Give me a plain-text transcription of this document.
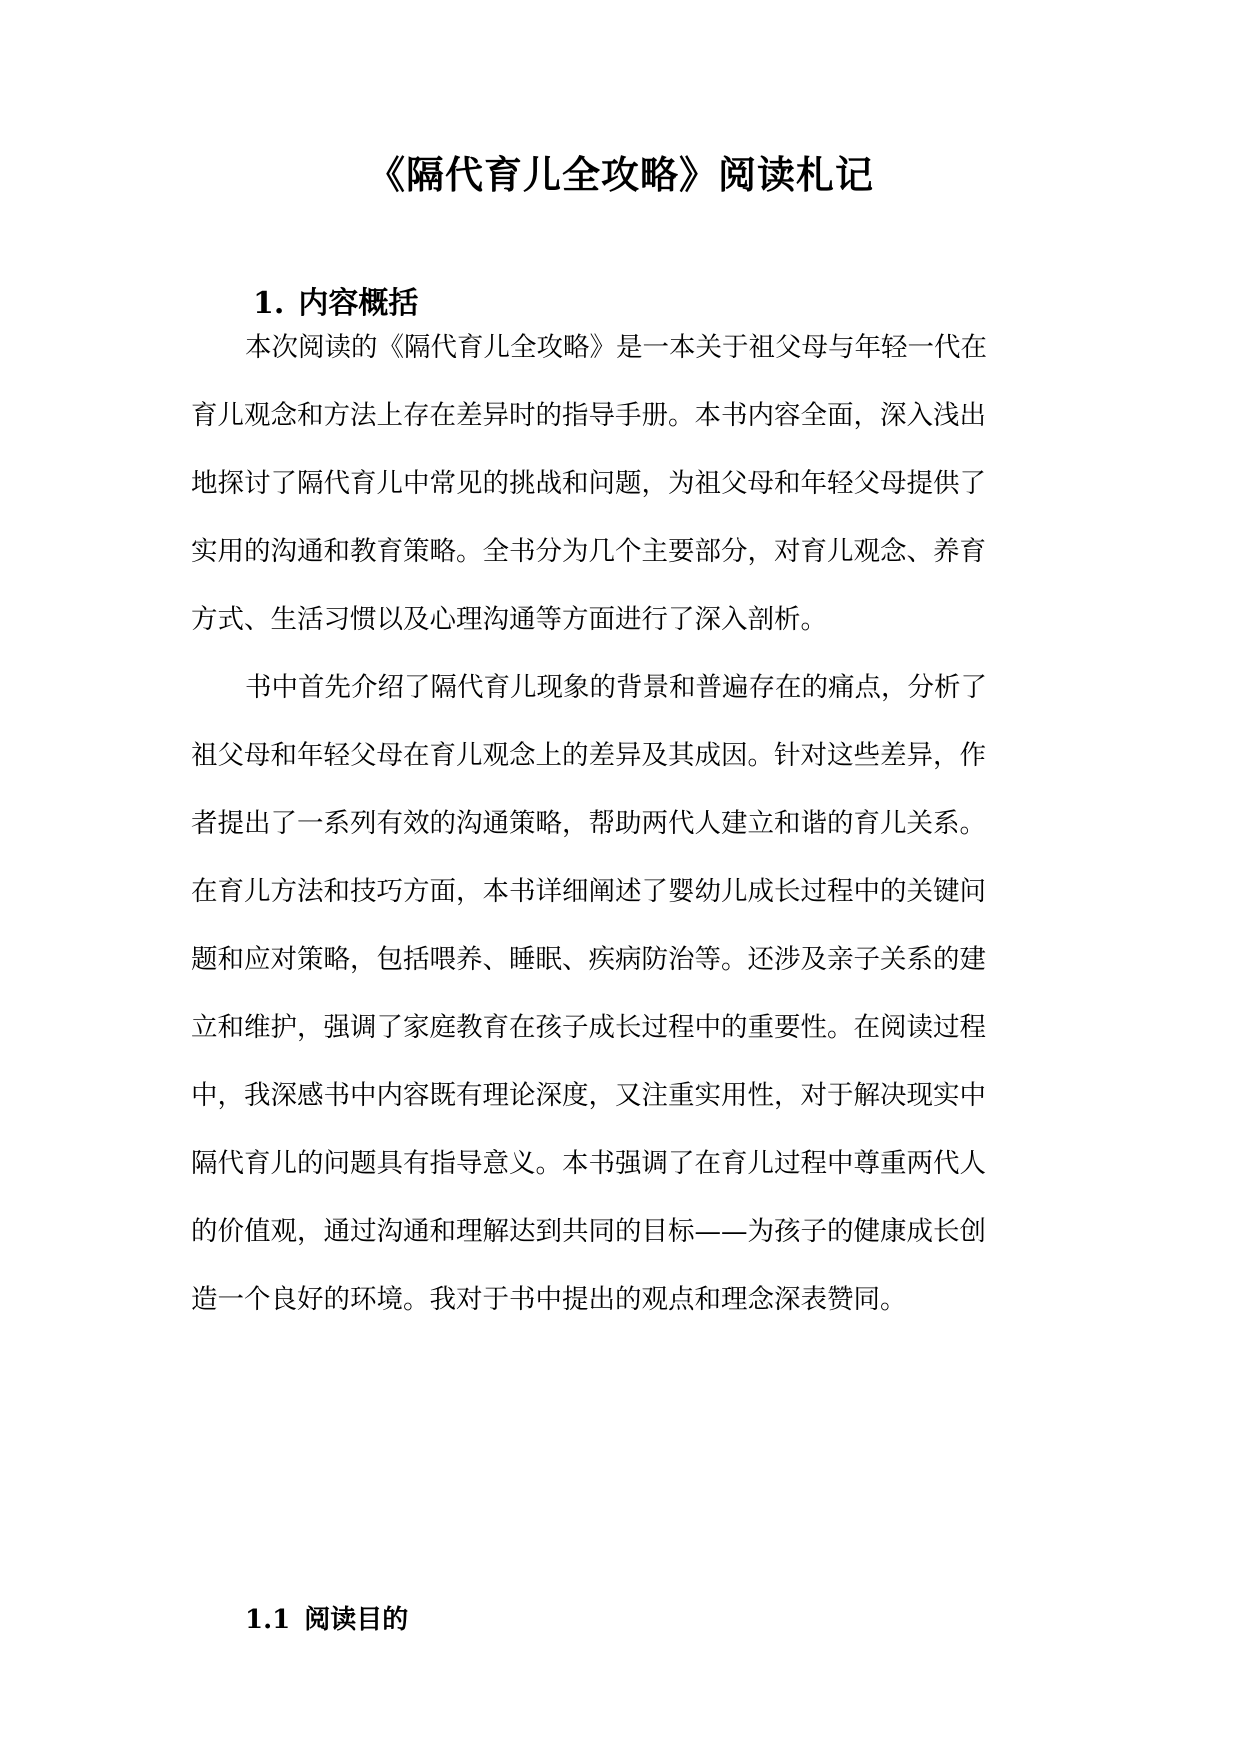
《隔代育儿全攻略》阅读札记
1. 内容概括
本次阅读的《隔代育儿全攻略》是一本关于祖父母与年轻一代在
育儿观念和方法上存在差异时的指导手册。本书内容全面，深入浅出
地探讨了隔代育儿中常见的挑战和问题，为祖父母和年轻父母提供了
实用的沟通和教育策略。全书分为几个主要部分，对育儿观念、养育
方式、生活习惯以及心理沟通等方面进行了深入剖析。
书中首先介绍了隔代育儿现象的背景和普遍存在的痛点，分析了
祖父母和年轻父母在育儿观念上的差异及其成因。针对这些差异，作
者提出了一系列有效的沟通策略，帮助两代人建立和谐的育儿关系。
在育儿方法和技巧方面，本书详细阐述了婴幼儿成长过程中的关键问
题和应对策略，包括喂养、睡眠、疾病防治等。还涉及亲子关系的建
立和维护，强调了家庭教育在孩子成长过程中的重要性。在阅读过程
中，我深感书中内容既有理论深度，又注重实用性，对于解决现实中
隔代育儿的问题具有指导意义。本书强调了在育儿过程中尊重两代人
的价值观，通过沟通和理解达到共同的目标——为孩子的健康成长创
造一个良好的环境。我对于书中提出的观点和理念深表赞同。
1.1 阅读目的
